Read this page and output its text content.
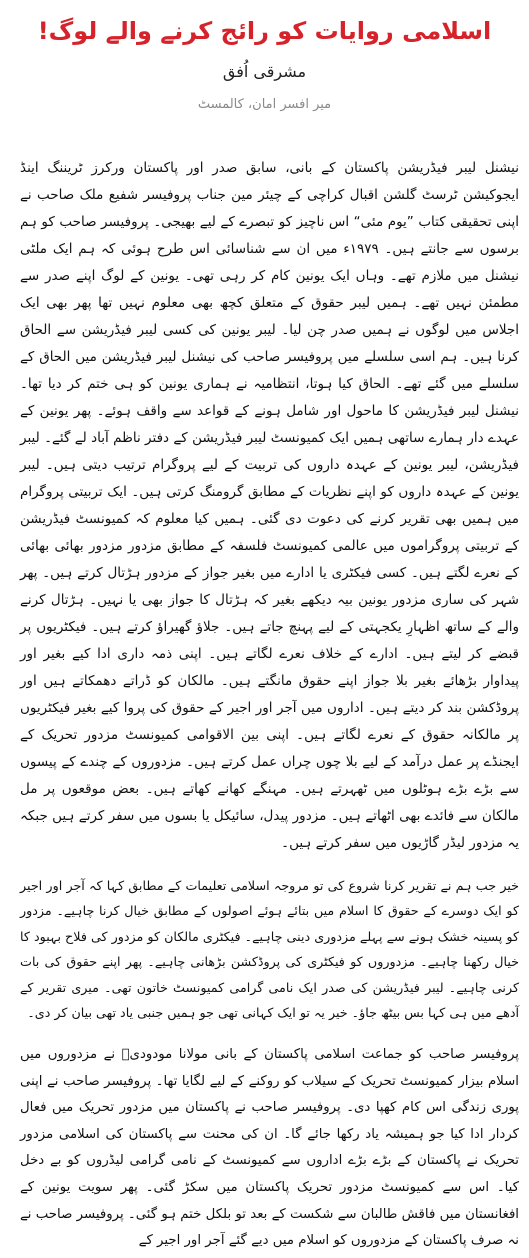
اسلامی روایات کو رائج کرنے والے لوگ!
مشرقی اُفق
میر افسر امان، کالمسٹ

نیشنل لیبر فیڈریشن پاکستان کے بانی، سابق صدر اور پاکستان ورکرز ٹریننگ اینڈ ایجوکیشن ٹرسٹ گلشن اقبال کراچی کے چیئر مین جناب پروفیسر شفیع ملک صاحب نے اپنی تحقیقی کتاب ”یوم مئی“ اس ناچیز کو تبصرے کے لیے بھیجی۔ پروفیسر صاحب کو ہم برسوں سے جانتے ہیں۔ ۱۹۷۹ء میں ان سے شناسائی اس طرح ہوئی کہ ہم ایک ملٹی نیشنل میں ملازم تھے۔ وہاں ایک یونین کام کر رہی تھی۔ یونین کے لوگ اپنے صدر سے مطمئن نہیں تھے۔ ہمیں لیبر حقوق کے متعلق کچھ بھی معلوم نہیں تھا پھر بھی ایک اجلاس میں لوگوں نے ہمیں صدر چن لیا۔ لیبر یونین کی کسی لیبر فیڈریشن سے الحاق کرنا ہیں۔ ہم اسی سلسلے میں پروفیسر صاحب کی نیشنل لیبر فیڈریشن میں الحاق کے سلسلے میں گئے تھے۔ الحاق کیا ہوتا، انتظامیہ نے ہماری یونین کو ہی ختم کر دیا تھا۔ نیشنل لیبر فیڈریشن کا ماحول اور شامل ہونے کے قواعد سے واقف ہوئے۔ پھر یونین کے عہدے دار ہمارے ساتھی ہمیں ایک کمیونسٹ لیبر فیڈریشن کے دفتر ناظم آباد لے گئے۔ لیبر فیڈریشن، لیبر یونین کے عہدہ داروں کی تربیت کے لیے پروگرام ترتیب دیتی ہیں۔ لیبر یونین کے عہدہ داروں کو اپنے نظریات کے مطابق گرومنگ کرتی ہیں۔ ایک تربیتی پروگرام میں ہمیں بھی تقریر کرنے کی دعوت دی گئی۔ ہمیں کیا معلوم کہ کمیونسٹ فیڈریشن کے تربیتی پروگراموں میں عالمی کمیونسٹ فلسفہ کے مطابق مزدور مزدور بھائی بھائی کے نعرے لگتے ہیں۔ کسی فیکٹری یا ادارے میں بغیر جواز کے مزدور ہڑتال کرتے ہیں۔ پھر شہر کی ساری مزدور یونین بیہ دیکھے بغیر کہ ہڑتال کا جواز بھی یا نہیں۔ ہڑتال کرنے والے کے ساتھ اظہارِ یکجہتی کے لیے پہنچ جاتے ہیں۔ جلاؤ گھیراؤ کرتے ہیں۔ فیکٹریوں پر قبضے کر لیتے ہیں۔ ادارے کے خلاف نعرے لگاتے ہیں۔ اپنی ذمہ داری ادا کیے بغیر اور پیداوار بڑھائے بغیر بلا جواز اپنے حقوق مانگتے ہیں۔ مالکان کو ڈراتے دھمکاتے ہیں اور پروڈکشن بند کر دیتے ہیں۔ اداروں میں آجر اور اجیر کے حقوق کی پروا کیے بغیر فیکٹریوں پر مالکانہ حقوق کے نعرے لگاتے ہیں۔ اپنی بین الاقوامی کمیونسٹ مزدور تحریک کے ایجنڈے پر عمل درآمد کے لیے بلا چوں چراں عمل کرتے ہیں۔ مزدوروں کے چندے کے پیسوں سے بڑے بڑے ہوٹلوں میں ٹھہرتے ہیں۔ مہنگے کھانے کھاتے ہیں۔ بعض موقعوں پر مل مالکان سے فائدے بھی اٹھاتے ہیں۔ مزدور پیدل، سائیکل یا بسوں میں سفر کرتے ہیں جبکہ یہ مزدور لیڈر گاڑیوں میں سفر کرتے ہیں۔

خیر جب ہم نے تقریر کرنا شروع کی تو مروجہ اسلامی تعلیمات کے مطابق کہا کہ آجر اور اجیر کو ایک دوسرے کے حقوق کا اسلام میں بتائے ہوئے اصولوں کے مطابق خیال کرنا چاہیے۔ مزدور کو پسینہ خشک ہونے سے پہلے مزدوری دینی چاہیے۔ فیکٹری مالکان کو مزدور کی فلاح بہبود کا خیال رکھنا چاہیے۔ مزدوروں کو فیکٹری کی پروڈکشن بڑھانی چاہیے۔ پھر اپنے حقوق کی بات کرنی چاہیے۔ لیبر فیڈریشن کی صدر ایک نامی گرامی کمیونسٹ خاتون تھی۔ میری تقریر کے آدھے میں ہی کہا بس بیٹھ جاؤ۔ خیر یہ تو ایک کہانی تھی جو ہمیں جنبی یاد تھی بیان کر دی۔

پروفیسر صاحب کو جماعت اسلامی پاکستان کے بانی مولانا مودودیؒ نے مزدوروں میں اسلام بیزار کمیونسٹ تحریک کے سیلاب کو روکنے کے لیے لگایا تھا۔ پروفیسر صاحب نے اپنی پوری زندگی اس کام کھپا دی۔ پروفیسر صاحب نے پاکستان میں مزدور تحریک میں فعال کردار ادا کیا جو ہمیشہ یاد رکھا جائے گا۔ ان کی محنت سے پاکستان کی اسلامی مزدور تحریک نے پاکستان کے بڑے بڑے اداروں سے کمیونسٹ کے نامی گرامی لیڈروں کو بے دخل کیا۔ اس سے کمیونسٹ مزدور تحریک پاکستان میں سکڑ گئی۔ پھر سویت یونین کے افغانستان میں فاقش طالبان سے شکست کے بعد تو بلکل ختم ہو گئی۔ پروفیسر صاحب نے نہ صرف پاکستان کے مزدوروں کو اسلام میں دیے گئے آجر اور اجیر کے
